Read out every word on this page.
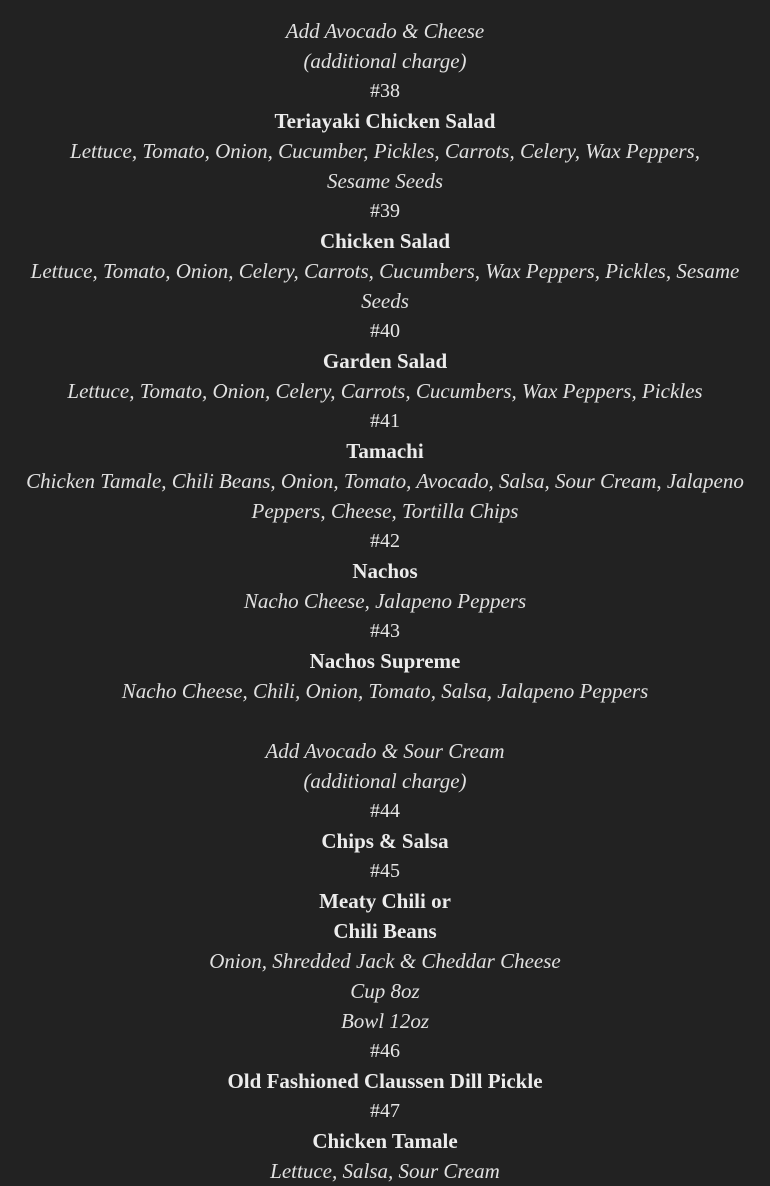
Add Avocado & Cheese
(additional charge)
#38
Teriayaki Chicken Salad
Lettuce, Tomato, Onion, Cucumber, Pickles, Carrots, Celery, Wax Peppers,
Sesame Seeds
#39
Chicken Salad
Lettuce, Tomato, Onion, Celery, Carrots, Cucumbers, Wax Peppers, Pickles, Sesame
Seeds
#40
Garden Salad
Lettuce, Tomato, Onion, Celery, Carrots, Cucumbers, Wax Peppers, Pickles
#41
Tamachi
Chicken Tamale, Chili Beans, Onion, Tomato, Avocado, Salsa, Sour Cream, Jalapeno
Peppers, Cheese, Tortilla Chips
#42
Nachos
Nacho Cheese, Jalapeno Peppers
#43
Nachos Supreme
Nacho Cheese, Chili, Onion, Tomato, Salsa, Jalapeno Peppers
Add Avocado & Sour Cream
(additional charge)
#44
Chips & Salsa
#45
Meaty Chili or
Chili Beans
Onion, Shredded Jack & Cheddar Cheese
Cup 8oz
Bowl 12oz
#46
Old Fashioned Claussen Dill Pickle
#47
Chicken Tamale
Lettuce, Salsa, Sour Cream
